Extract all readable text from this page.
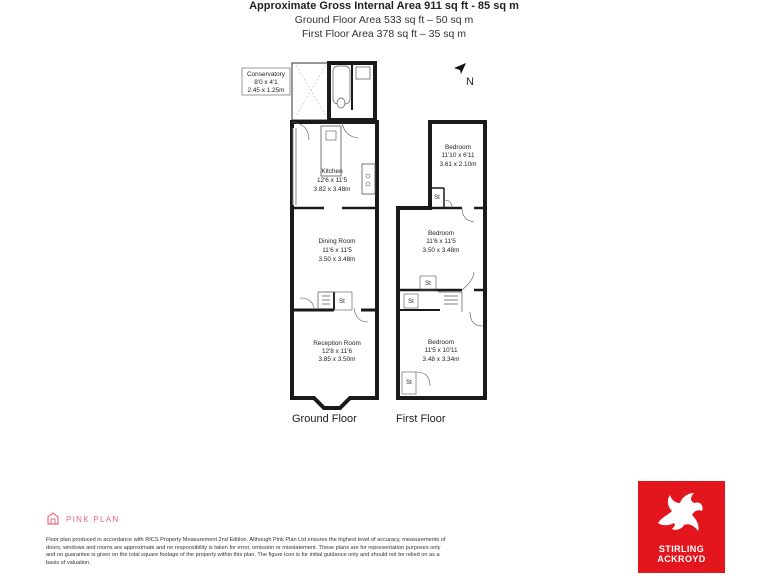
Approximate Gross Internal Area 911 sq ft - 85 sq m
Ground Floor Area 533 sq ft – 50 sq m
First Floor Area 378 sq ft – 35 sq m
N
St
Conservatory
8'0 x 4'1
2.45 x 1.25m
Kitchen
12'6 x 11'5
3.82 x 3.48m
Dining Room
11'6 x 11'5
3.50 x 3.48m
Reception Room
12'8 x 11'6
3.85 x 3.50m
Ground Floor
St
St
St
St
Bedroom
11'10 x 6'11
3.61 x 2.10m
Bedroom
11'6 x 11'5
3.50 x 3.48m
Bedroom
11'5 x 10'11
3.48 x 3.34m
First Floor
PINK PLAN
Floor plan produced in accordance with RICS Property Measurement 2nd Edition. Although Pink Plan Ltd ensures the highest level of accuracy, measurements of doors, windows and rooms are approximate and no responsibility is taken for error, omission or misstatement. These plans are for representation purposes only and no guarantee is given on the total square footage of the property within this plan. The figure icon is for initial guidance only and should not be relied on as a basis of valuation.
STIRLING
ACKROYD
